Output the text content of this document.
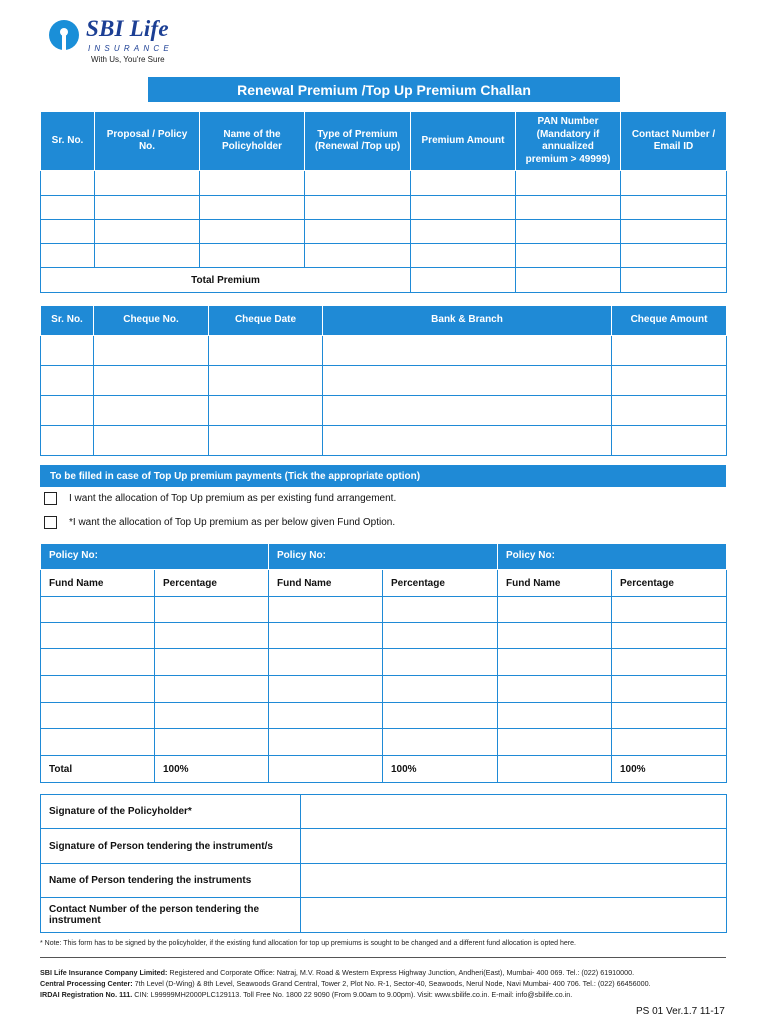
SBI Life
INSURANCE
With Us, You're Sure
Renewal Premium /Top Up Premium Challan
Sr. No.	Proposal / Policy No.	Name of the Policyholder	Type of Premium (Renewal /Top up)	Premium Amount	PAN Number (Mandatory if annualized premium > 49999)	Contact Number / Email ID

Total Premium						
Sr. No.	Cheque No.	Cheque Date	Bank & Branch	Cheque Amount

To be filled in case of Top Up premium payments (Tick the appropriate option)
I want the allocation of Top Up premium as per existing fund arrangement.
*I want the allocation of Top Up premium as per below given Fund Option.
Policy No:		Policy No:		Policy No:	
Fund Name	Percentage	Fund Name	Percentage	Fund Name	Percentage

Total	100%		100%		100%
Signature of the Policyholder*	
Signature of Person tendering the instrument/s	
Name of Person tendering the instruments	
Contact Number of the person tendering the instrument	
* Note: This form has to be signed by the policyholder, if the existing fund allocation for top up premiums is sought to be changed and a different fund allocation is opted here.
SBI Life Insurance Company Limited: Registered and Corporate Office: Natraj, M.V. Road & Western Express Highway Junction, Andheri(East), Mumbai- 400 069. Tel.: (022) 61910000.
Central Processing Center: 7th Level (D-Wing) & 8th Level, Seawoods Grand Central, Tower 2, Plot No. R-1, Sector-40, Seawoods, Nerul Node, Navi Mumbai- 400 706. Tel.: (022) 66456000.
IRDAI Registration No. 111. CIN: L99999MH2000PLC129113. Toll Free No. 1800 22 9090 (From 9.00am to 9.00pm). Visit: www.sbilife.co.in. E-mail: info@sbilife.co.in.
PS 01 Ver.1.7 11-17
